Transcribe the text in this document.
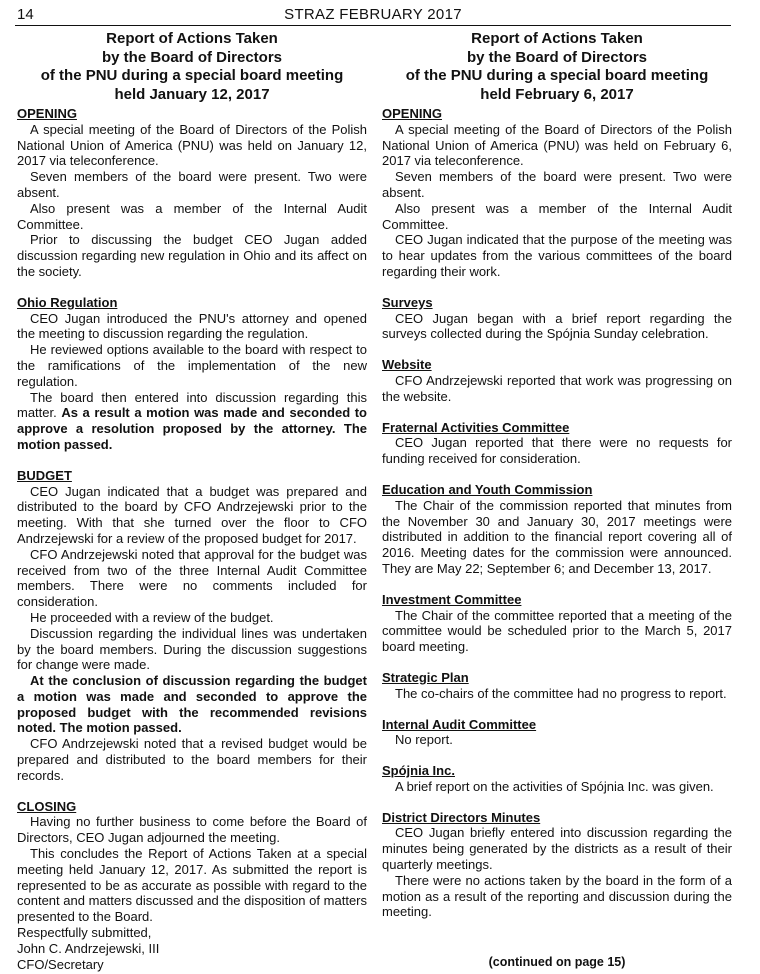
14	STRAZ FEBRUARY 2017
Report of Actions Taken
by the Board of Directors
of the PNU during a special board meeting
held January 12, 2017
OPENING

A special meeting of the Board of Directors of the Polish National Union of America (PNU) was held on January 12, 2017 via teleconference.

Seven members of the board were present. Two were absent.

Also present was a member of the Internal Audit Committee.

Prior to discussing the budget CEO Jugan added discussion regarding new regulation in Ohio and its affect on the society.

Ohio Regulation

CEO Jugan introduced the PNU's attorney and opened the meeting to discussion regarding the regulation.

He reviewed options available to the board with respect to the ramifications of the implementation of the new regulation.

The board then entered into discussion regarding this matter. As a result a motion was made and seconded to approve a resolution proposed by the attorney. The motion passed.

BUDGET

CEO Jugan indicated that a budget was prepared and distributed to the board by CFO Andrzejewski prior to the meeting. With that she turned over the floor to CFO Andrzejewski for a review of the proposed budget for 2017.

CFO Andrzejewski noted that approval for the budget was received from two of the three Internal Audit Committee members. There were no comments included for consideration.

He proceeded with a review of the budget.

Discussion regarding the individual lines was undertaken by the board members. During the discussion suggestions for change were made.

At the conclusion of discussion regarding the budget a motion was made and seconded to approve the proposed budget with the recommended revisions noted. The motion passed.

CFO Andrzejewski noted that a revised budget would be prepared and distributed to the board members for their records.

CLOSING

Having no further business to come before the Board of Directors, CEO Jugan adjourned the meeting.

This concludes the Report of Actions Taken at a special meeting held January 12, 2017. As submitted the report is represented to be as accurate as possible with regard to the content and matters discussed and the disposition of matters presented to the Board.

Respectfully submitted,
John C. Andrzejewski, III
CFO/Secretary
Report of Actions Taken
by the Board of Directors
of the PNU during a special board meeting
held February 6, 2017
OPENING

A special meeting of the Board of Directors of the Polish National Union of America (PNU) was held on February 6, 2017 via teleconference.

Seven members of the board were present. Two were absent.

Also present was a member of the Internal Audit Committee.

CEO Jugan indicated that the purpose of the meeting was to hear updates from the various committees of the board regarding their work.

Surveys

CEO Jugan began with a brief report regarding the surveys collected during the Spójnia Sunday celebration.

Website

CFO Andrzejewski reported that work was progressing on the website.

Fraternal Activities Committee

CEO Jugan reported that there were no requests for funding received for consideration.

Education and Youth Commission

The Chair of the commission reported that minutes from the November 30 and January 30, 2017 meetings were distributed in addition to the financial report covering all of 2016. Meeting dates for the commission were announced. They are May 22; September 6; and December 13, 2017.

Investment Committee

The Chair of the committee reported that a meeting of the committee would be scheduled prior to the March 5, 2017 board meeting.

Strategic Plan

The co-chairs of the committee had no progress to report.

Internal Audit Committee

No report.

Spójnia Inc.

A brief report on the activities of Spójnia Inc. was given.

District Directors Minutes

CEO Jugan briefly entered into discussion regarding the minutes being generated by the districts as a result of their quarterly meetings.

There were no actions taken by the board in the form of a motion as a result of the reporting and discussion during the meeting.

(continued on page 15)
